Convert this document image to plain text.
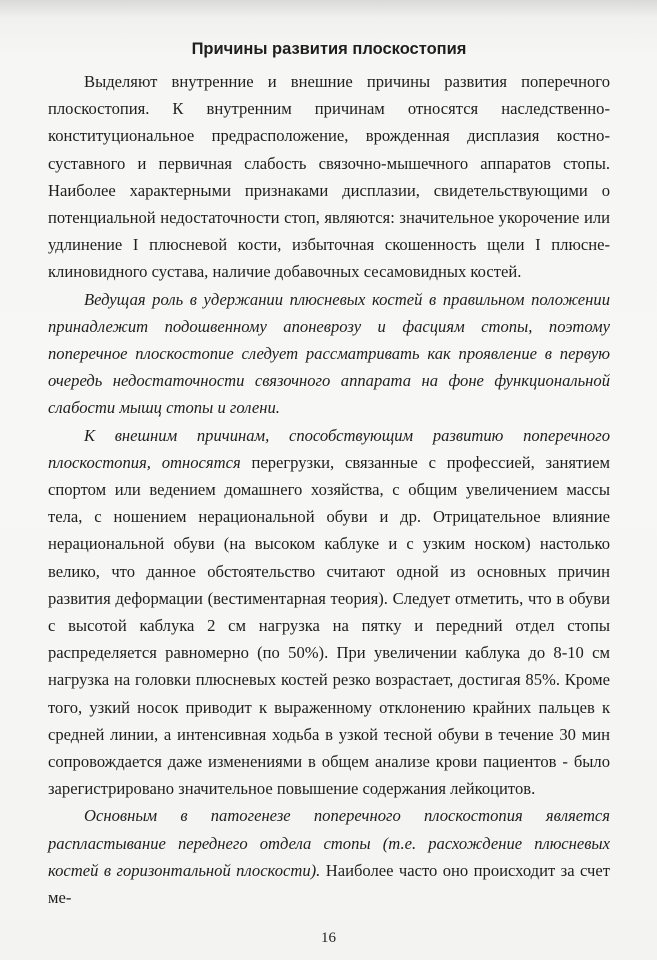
Причины развития плоскостопия

Выделяют внутренние и внешние причины развития поперечного плоскостопия. К внутренним причинам относятся наследственно-конституциональное предрасположение, врожденная дисплазия костно-суставного и первичная слабость связочно-мышечного аппаратов стопы. Наиболее характерными признаками дисплазии, свидетельствующими о потенциальной недостаточности стоп, являются: значительное укорочение или удлинение I плюсневой кости, избыточная скошенность щели I плюсне-клиновидного сустава, наличие добавочных сесамовидных костей.

Ведущая роль в удержании плюсневых костей в правильном положении принадлежит подошвенному апоневрозу и фасциям стопы, поэтому поперечное плоскостопие следует рассматривать как проявление в первую очередь недостаточности связочного аппарата на фоне функциональной слабости мышц стопы и голени.

К внешним причинам, способствующим развитию поперечного плоскостопия, относятся перегрузки, связанные с профессией, занятием спортом или ведением домашнего хозяйства, с общим увеличением массы тела, с ношением нерациональной обуви и др. Отрицательное влияние нерациональной обуви (на высоком каблуке и с узким носком) настолько велико, что данное обстоятельство считают одной из основных причин развития деформации (вестиментарная теория). Следует отметить, что в обуви с высотой каблука 2 см нагрузка на пятку и передний отдел стопы распределяется равномерно (по 50%). При увеличении каблука до 8-10 см нагрузка на головки плюсневых костей резко возрастает, достигая 85%. Кроме того, узкий носок приводит к выраженному отклонению крайних пальцев к средней линии, а интенсивная ходьба в узкой тесной обуви в течение 30 мин сопровождается даже изменениями в общем анализе крови пациентов - было зарегистрировано значительное повышение содержания лейкоцитов.

Основным в патогенезе поперечного плоскостопия является распластывание переднего отдела стопы (т.е. расхождение плюсневых костей в горизонтальной плоскости). Наиболее часто оно происходит за счет ме-

16
